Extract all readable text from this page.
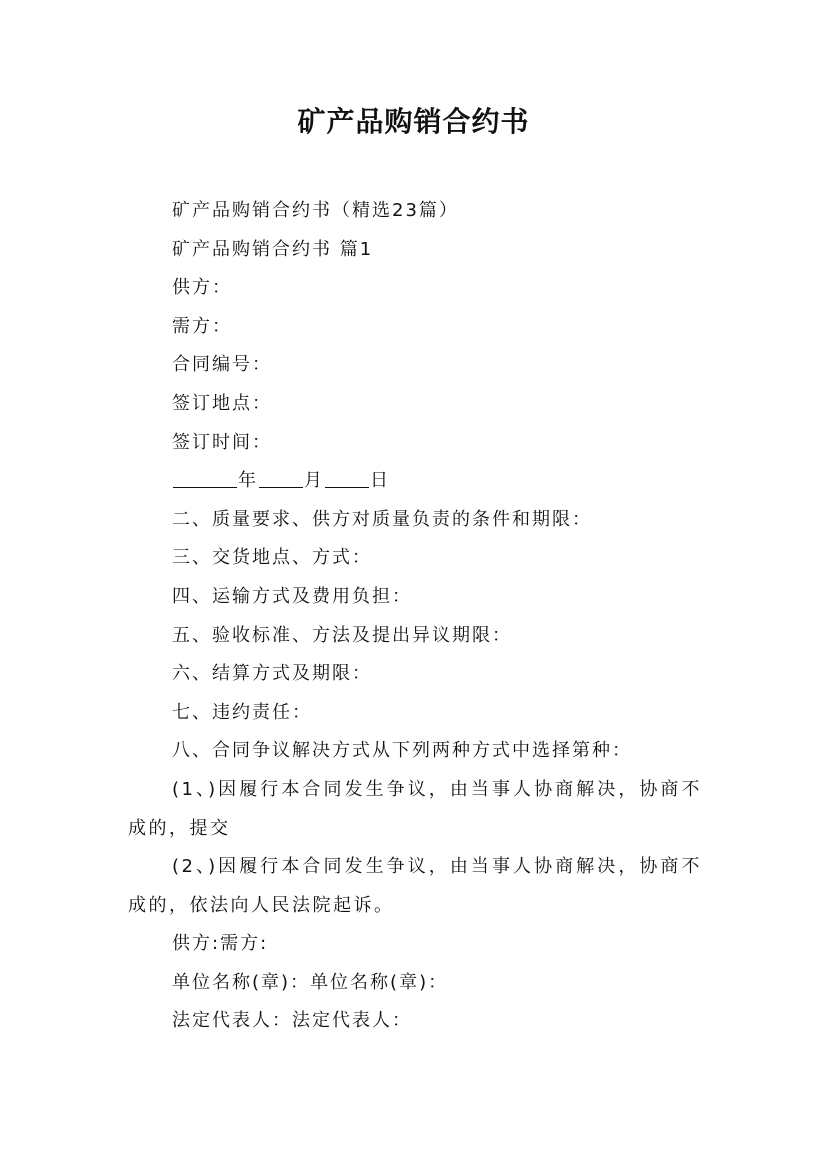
矿产品购销合约书

矿产品购销合约书（精选23篇）

矿产品购销合约书 篇1

供方：

需方：

合同编号：

签订地点：

签订时间：

年	月	日

二、质量要求、供方对质量负责的条件和期限：

三、交货地点、方式：

四、运输方式及费用负担：

五、验收标准、方法及提出异议期限：

六、结算方式及期限：

七、违约责任：

八、合同争议解决方式从下列两种方式中选择第种：

(1、)因履行本合同发生争议，由当事人协商解决，协商不成的，提交

(2、)因履行本合同发生争议，由当事人协商解决，协商不成的，依法向人民法院起诉。

供方:需方:

单位名称(章)：单位名称(章)：

法定代表人：法定代表人：
